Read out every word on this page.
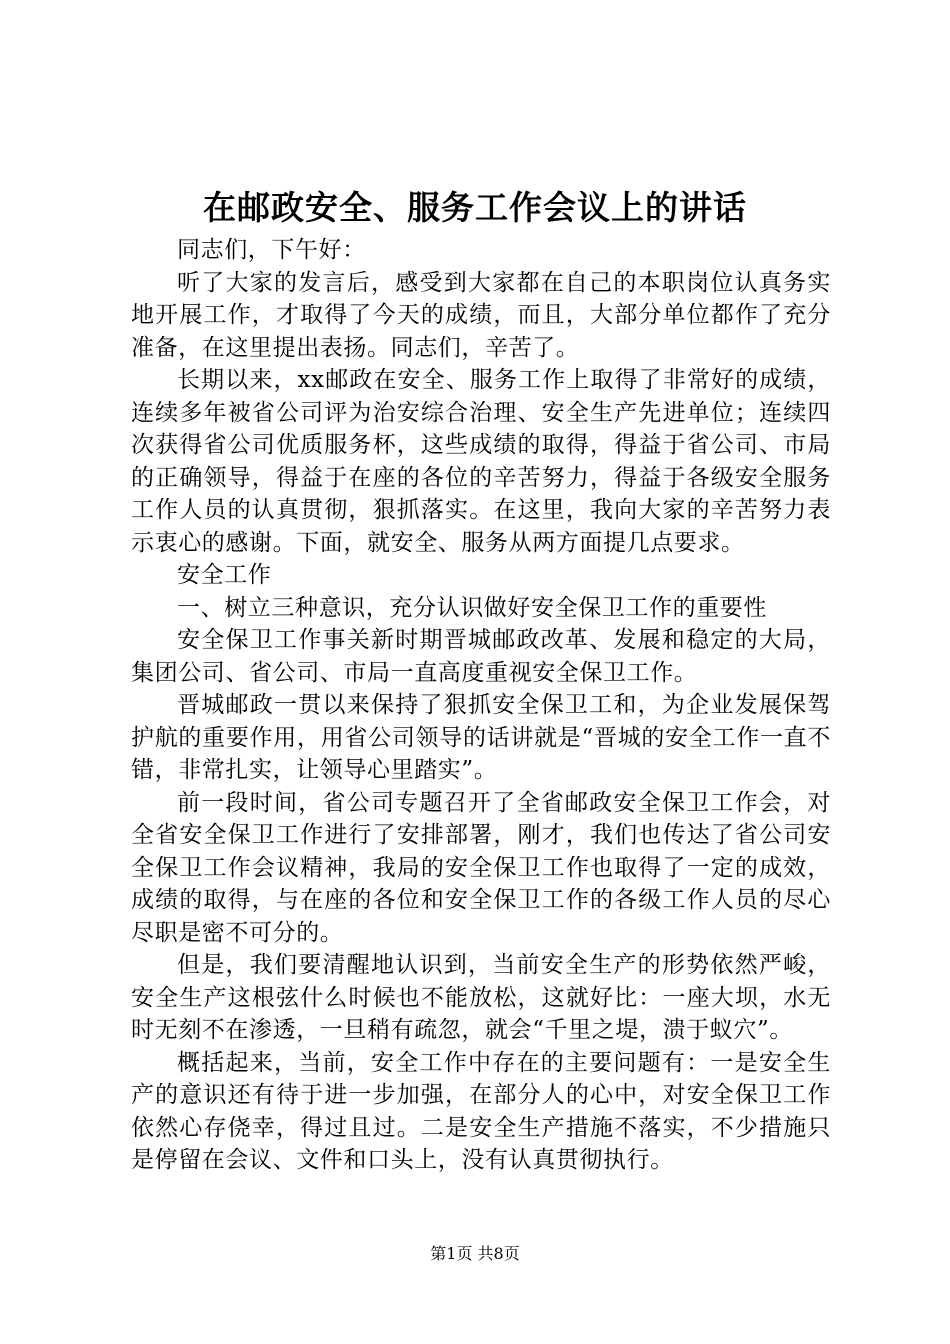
在邮政安全、服务工作会议上的讲话

同志们，下午好：

听了大家的发言后，感受到大家都在自己的本职岗位认真务实地开展工作，才取得了今天的成绩，而且，大部分单位都作了充分准备，在这里提出表扬。同志们，辛苦了。

长期以来，xx邮政在安全、服务工作上取得了非常好的成绩，连续多年被省公司评为治安综合治理、安全生产先进单位；连续四次获得省公司优质服务杯，这些成绩的取得，得益于省公司、市局的正确领导，得益于在座的各位的辛苦努力，得益于各级安全服务工作人员的认真贯彻，狠抓落实。在这里，我向大家的辛苦努力表示衷心的感谢。下面，就安全、服务从两方面提几点要求。

安全工作

一、树立三种意识，充分认识做好安全保卫工作的重要性

安全保卫工作事关新时期晋城邮政改革、发展和稳定的大局，集团公司、省公司、市局一直高度重视安全保卫工作。

晋城邮政一贯以来保持了狠抓安全保卫工和，为企业发展保驾护航的重要作用，用省公司领导的话讲就是“晋城的安全工作一直不错，非常扎实，让领导心里踏实”。

前一段时间，省公司专题召开了全省邮政安全保卫工作会，对全省安全保卫工作进行了安排部署，刚才，我们也传达了省公司安全保卫工作会议精神，我局的安全保卫工作也取得了一定的成效，成绩的取得，与在座的各位和安全保卫工作的各级工作人员的尽心尽职是密不可分的。

但是，我们要清醒地认识到，当前安全生产的形势依然严峻，安全生产这根弦什么时候也不能放松，这就好比：一座大坝，水无时无刻不在渗透，一旦稍有疏忽，就会“千里之堤，溃于蚁穴”。

概括起来，当前，安全工作中存在的主要问题有：一是安全生产的意识还有待于进一步加强，在部分人的心中，对安全保卫工作依然心存侥幸，得过且过。二是安全生产措施不落实，不少措施只是停留在会议、文件和口头上，没有认真贯彻执行。

第1页 共8页
